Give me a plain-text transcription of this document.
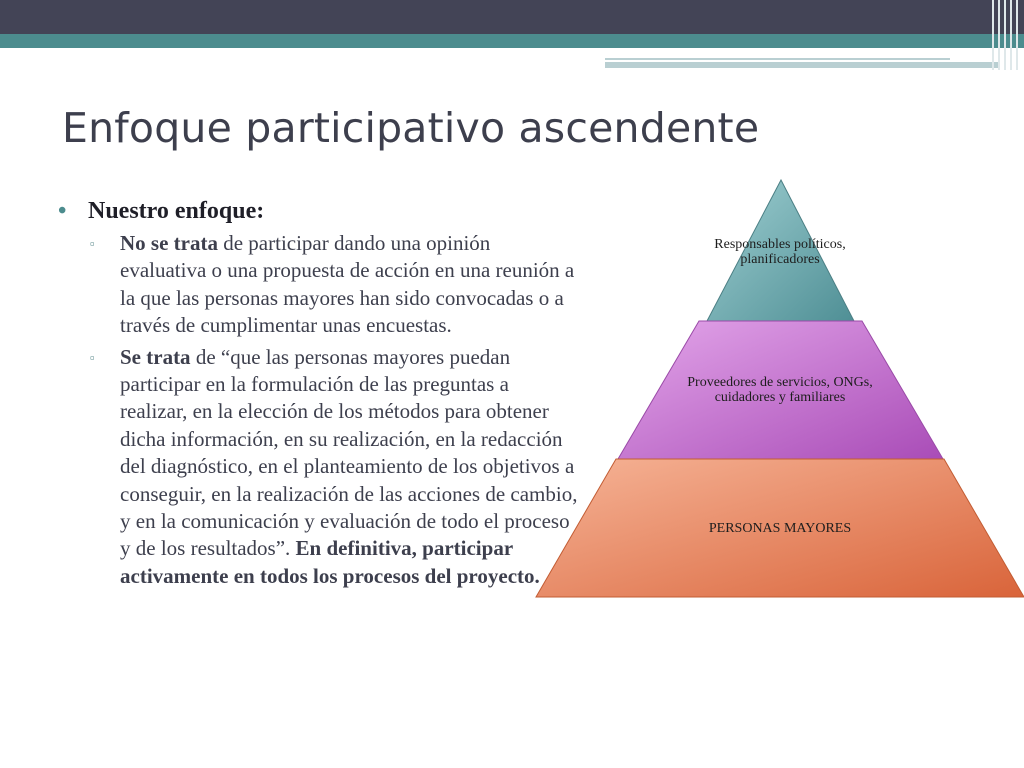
Enfoque participativo ascendente
• Nuestro enfoque:
▫ No se trata de participar dando una opinión evaluativa o una propuesta de acción en una reunión a la que las personas mayores han sido convocadas o a través de cumplimentar unas encuestas.
▫ Se trata de “que las personas mayores puedan participar en la formulación de las preguntas a realizar, en la elección de los métodos para obtener dicha información, en su realización, en la redacción del diagnóstico, en el planteamiento de los objetivos a conseguir, en la realización de las acciones de cambio, y en la comunicación y evaluación de todo el proceso y de los resultados”. En definitiva, participar activamente en todos los procesos del proyecto.
Responsables políticos, planificadores
Proveedores de servicios, ONGs, cuidadores y familiares
PERSONAS MAYORES
